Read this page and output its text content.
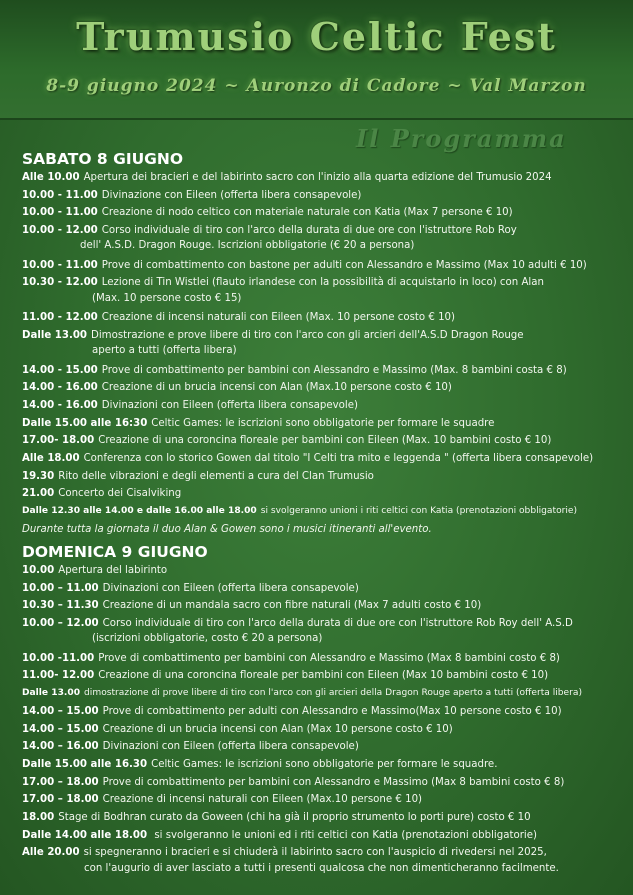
Trumusio Celtic Fest
8-9 giugno 2024 ~ Auronzo di Cadore ~ Val Marzon
Il Programma
SABATO 8 GIUGNO
Alle 10.00 Apertura dei bracieri e del labirinto sacro con l'inizio alla quarta edizione del Trumusio 2024
10.00 - 11.00 Divinazione con Eileen (offerta libera consapevole)
10.00 - 11.00 Creazione di nodo celtico con materiale naturale con Katia (Max 7 persone € 10)
10.00 - 12.00 Corso individuale di tiro con l'arco della durata di due ore con l'istruttore Rob Roy
dell' A.S.D. Dragon Rouge. Iscrizioni obbligatorie (€ 20 a persona)
10.00 - 11.00 Prove di combattimento con bastone per adulti con Alessandro e Massimo (Max 10 adulti € 10)
10.30 - 12.00 Lezione di Tin Wistlei (flauto irlandese con la possibilità di acquistarlo in loco) con Alan
(Max. 10 persone costo € 15)
11.00 - 12.00 Creazione di incensi naturali con Eileen (Max. 10 persone costo € 10)
Dalle 13.00 Dimostrazione e prove libere di tiro con l'arco con gli arcieri dell'A.S.D Dragon Rouge
aperto a tutti (offerta libera)
14.00 - 15.00 Prove di combattimento per bambini con Alessandro e Massimo (Max. 8 bambini costa € 8)
14.00 - 16.00 Creazione di un brucia incensi con Alan (Max.10 persone costo € 10)
14.00 - 16.00 Divinazioni con Eileen (offerta libera consapevole)
Dalle 15.00 alle 16:30 Celtic Games: le iscrizioni sono obbligatorie per formare le squadre
17.00- 18.00 Creazione di una coroncina floreale per bambini con Eileen (Max. 10 bambini costo € 10)
Alle 18.00 Conferenza con lo storico Gowen dal titolo "I Celti tra mito e leggenda " (offerta libera consapevole)
19.30 Rito delle vibrazioni e degli elementi a cura del Clan Trumusio
21.00 Concerto dei Cisalviking
Dalle 12.30 alle 14.00 e dalle 16.00 alle 18.00 si svolgeranno unioni i riti celtici con Katia (prenotazioni obbligatorie)
Durante tutta la giornata il duo Alan & Gowen sono i musici itineranti all'evento.
DOMENICA 9 GIUGNO
10.00 Apertura del labirinto
10.00 – 11.00 Divinazioni con Eileen (offerta libera consapevole)
10.30 – 11.30 Creazione di un mandala sacro con fibre naturali (Max 7 adulti costo € 10)
10.00 – 12.00 Corso individuale di tiro con l'arco della durata di due ore con l'istruttore Rob Roy dell' A.S.D
(iscrizioni obbligatorie, costo € 20 a persona)
10.00 -11.00 Prove di combattimento per bambini con Alessandro e Massimo (Max 8 bambini costo € 8)
11.00- 12.00 Creazione di una coroncina floreale per bambini con Eileen (Max 10 bambini costo € 10)
Dalle 13.00 dimostrazione di prove libere di tiro con l'arco con gli arcieri della Dragon Rouge aperto a tutti (offerta libera)
14.00 – 15.00 Prove di combattimento per adulti con Alessandro e Massimo(Max 10 persone costo € 10)
14.00 – 15.00 Creazione di un brucia incensi con Alan (Max 10 persone costo € 10)
14.00 – 16.00 Divinazioni con Eileen (offerta libera consapevole)
Dalle 15.00 alle 16.30 Celtic Games: le iscrizioni sono obbligatorie per formare le squadre.
17.00 – 18.00 Prove di combattimento per bambini con Alessandro e Massimo (Max 8 bambini costo € 8)
17.00 – 18.00 Creazione di incensi naturali con Eileen (Max.10 persone € 10)
18.00 Stage di Bodhran curato da Goween (chi ha già il proprio strumento lo porti pure) costo € 10
Dalle 14.00 alle 18.00 si svolgeranno le unioni ed i riti celtici con Katia (prenotazioni obbligatorie)
Alle 20.00 si spegneranno i bracieri e si chiuderà il labirinto sacro con l'auspicio di rivedersi nel 2025,
con l'augurio di aver lasciato a tutti i presenti qualcosa che non dimenticheranno facilmente.
